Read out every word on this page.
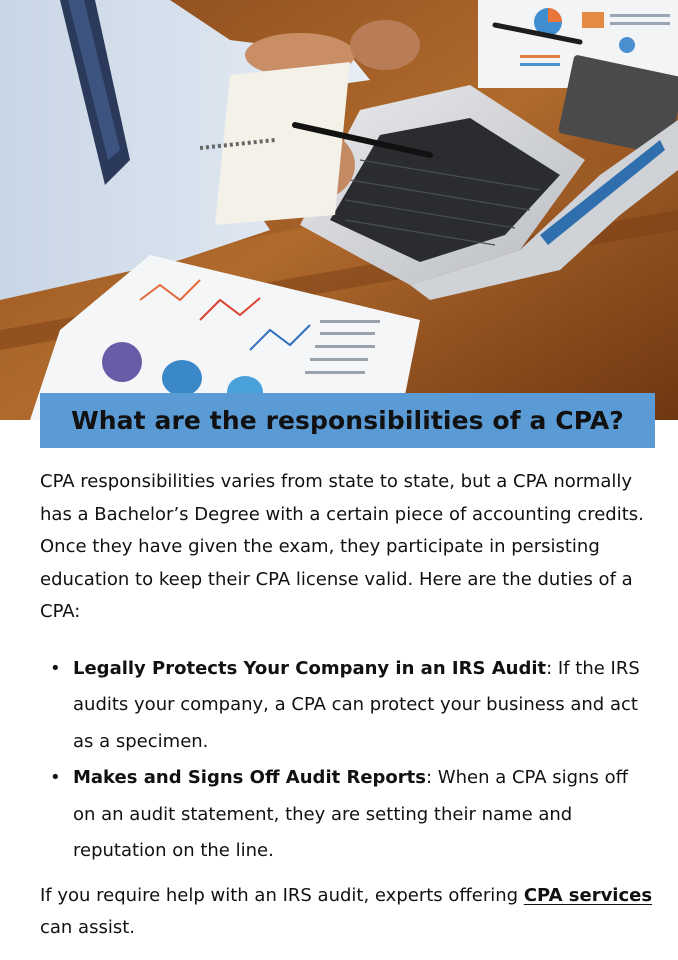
What are the responsibilities of a CPA?

CPA responsibilities varies from state to state, but a CPA normally has a Bachelor’s Degree with a certain piece of accounting credits. Once they have given the exam, they participate in persisting education to keep their CPA license valid. Here are the duties of a CPA:

• Legally Protects Your Company in an IRS Audit: If the IRS audits your company, a CPA can protect your business and act as a specimen.
• Makes and Signs Off Audit Reports: When a CPA signs off on an audit statement, they are setting their name and reputation on the line.

If you require help with an IRS audit, experts offering CPA services can assist.
